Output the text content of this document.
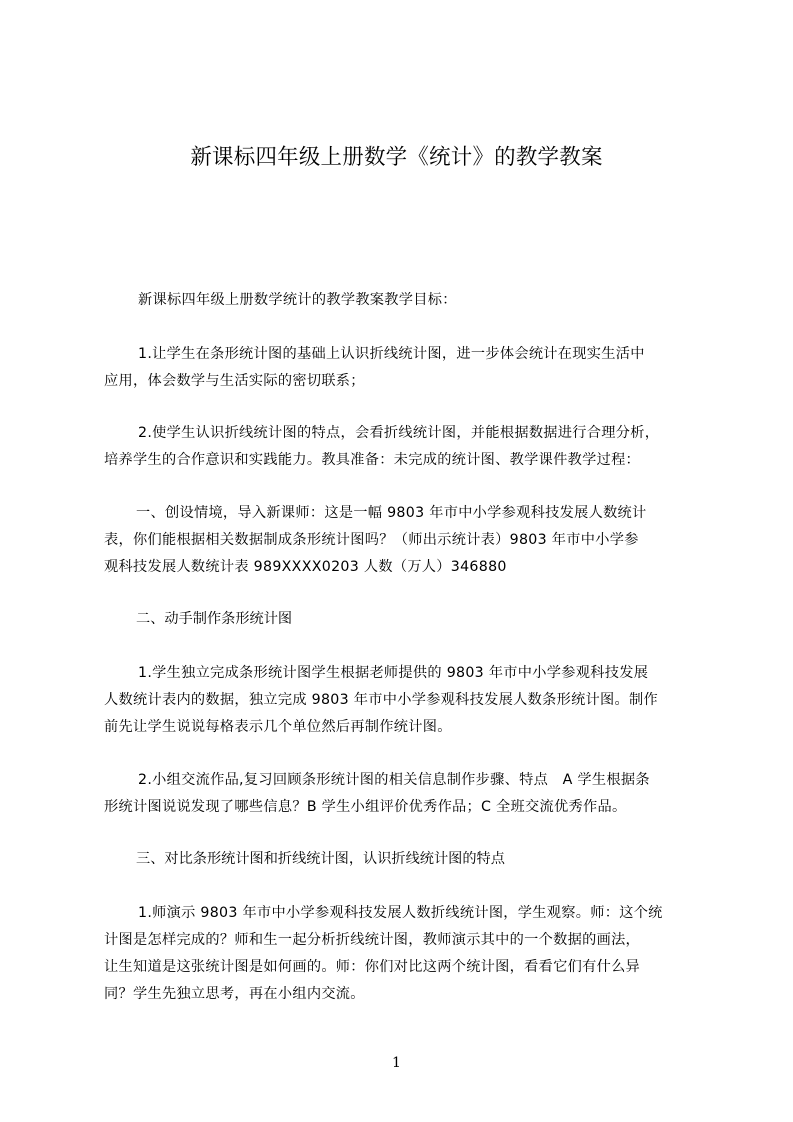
新课标四年级上册数学《统计》的教学教案
新课标四年级上册数学统计的教学教案教学目标：
1.让学生在条形统计图的基础上认识折线统计图，进一步体会统计在现实生活中
应用，体会数学与生活实际的密切联系；
2.使学生认识折线统计图的特点，会看折线统计图，并能根据数据进行合理分析，
培养学生的合作意识和实践能力。教具准备：未完成的统计图、教学课件教学过程：
一、创设情境，导入新课师：这是一幅 9803 年市中小学参观科技发展人数统计
表，你们能根据相关数据制成条形统计图吗？（师出示统计表）9803 年市中小学参
观科技发展人数统计表 989XXXX0203 人数（万人）346880
二、动手制作条形统计图
1.学生独立完成条形统计图学生根据老师提供的 9803 年市中小学参观科技发展
人数统计表内的数据，独立完成 9803 年市中小学参观科技发展人数条形统计图。制作
前先让学生说说每格表示几个单位然后再制作统计图。
2.小组交流作品,复习回顾条形统计图的相关信息制作步骤、特点　A 学生根据条
形统计图说说发现了哪些信息？B 学生小组评价优秀作品；C 全班交流优秀作品。
三、对比条形统计图和折线统计图，认识折线统计图的特点
1.师演示 9803 年市中小学参观科技发展人数折线统计图，学生观察。师：这个统
计图是怎样完成的？师和生一起分析折线统计图，教师演示其中的一个数据的画法，
让生知道是这张统计图是如何画的。师：你们对比这两个统计图，看看它们有什么异
同？学生先独立思考，再在小组内交流。
1
